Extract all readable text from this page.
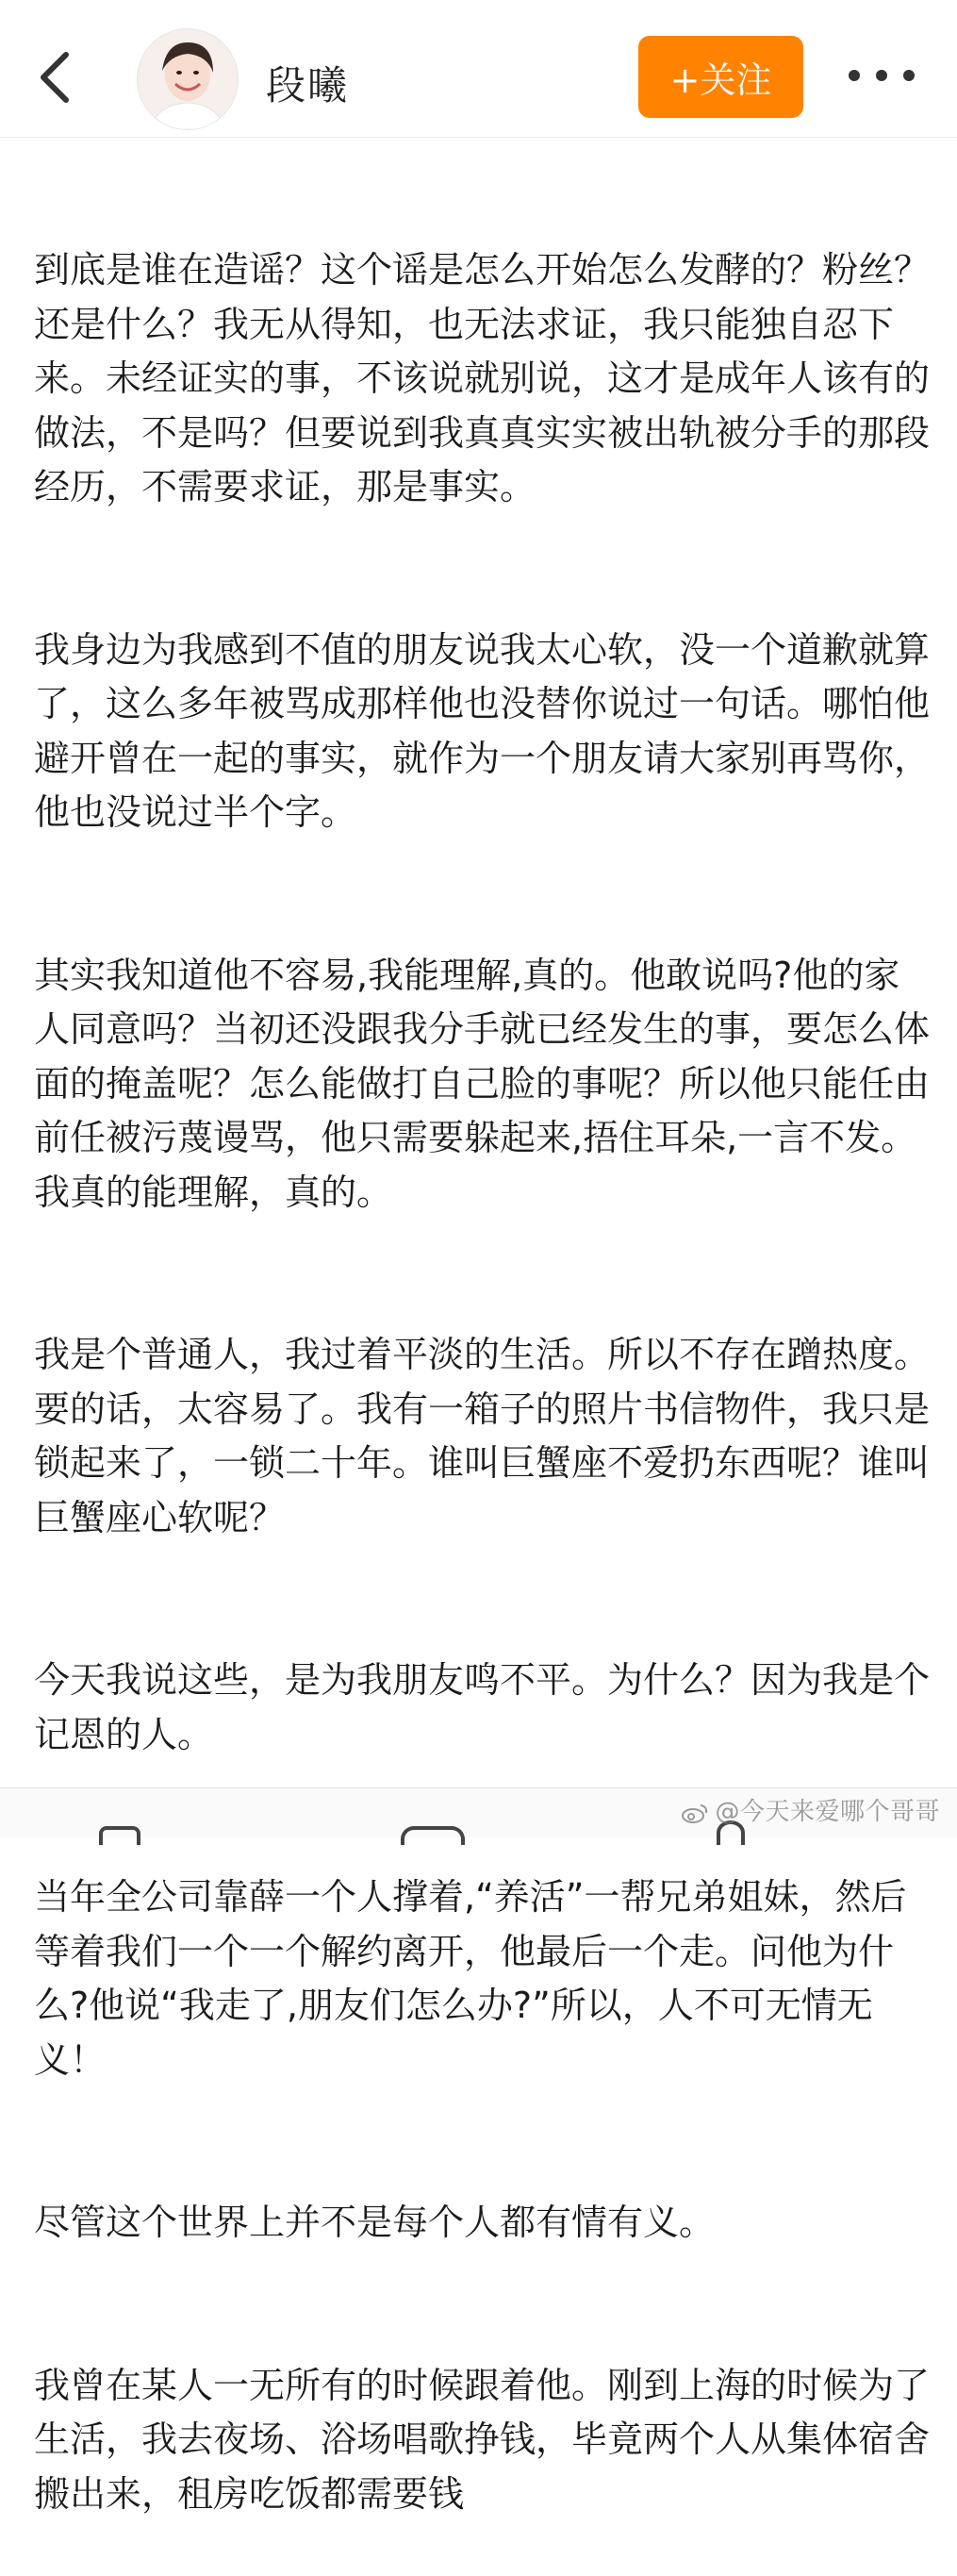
段曦	+关注

到底是谁在造谣？这个谣是怎么开始怎么发酵的？粉丝？还是什么？我无从得知，也无法求证，我只能独自忍下来。未经证实的事，不该说就别说，这才是成年人该有的做法，不是吗？但要说到我真真实实被出轨被分手的那段经历，不需要求证，那是事实。

我身边为我感到不值的朋友说我太心软，没一个道歉就算了，这么多年被骂成那样他也没替你说过一句话。哪怕他避开曾在一起的事实，就作为一个朋友请大家别再骂你，他也没说过半个字。

其实我知道他不容易,我能理解,真的。他敢说吗?他的家人同意吗？当初还没跟我分手就已经发生的事，要怎么体面的掩盖呢？怎么能做打自己脸的事呢？所以他只能任由前任被污蔑谩骂，他只需要躲起来,捂住耳朵,一言不发。我真的能理解，真的。

我是个普通人，我过着平淡的生活。所以不存在蹭热度。要的话，太容易了。我有一箱子的照片书信物件，我只是锁起来了，一锁二十年。谁叫巨蟹座不爱扔东西呢？谁叫巨蟹座心软呢？

今天我说这些，是为我朋友鸣不平。为什么？因为我是个记恩的人。

当年全公司靠薛一个人撑着,“养活”一帮兄弟姐妹，然后等着我们一个一个解约离开，他最后一个走。问他为什么?他说“我走了,朋友们怎么办?”所以，人不可无情无义！

尽管这个世界上并不是每个人都有情有义。

我曾在某人一无所有的时候跟着他。刚到上海的时候为了生活，我去夜场、浴场唱歌挣钱，毕竟两个人从集体宿舍搬出来，租房吃饭都需要钱

@今天来爱哪个哥哥
